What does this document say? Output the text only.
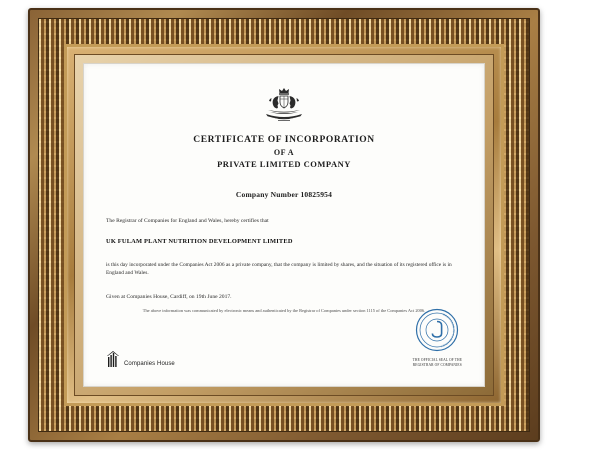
CERTIFICATE OF INCORPORATION
OF A
PRIVATE LIMITED COMPANY
Company Number 10825954
The Registrar of Companies for England and Wales, hereby certifies that
UK FULAM PLANT NUTRITION DEVELOPMENT LIMITED
is this day incorporated under the Companies Act 2006 as a private company, that the company is limited by shares, and the situation of its registered office is in England and Wales.
Given at Companies House, Cardiff, on 19th June 2017.
The above information was communicated by electronic means and authenticated by the Registrar of Companies under section 1115 of the Companies Act 2006.
Companies House
REGISTRAR OF COMPANIES
THE OFFICIAL SEAL OF THE
REGISTRAR OF COMPANIES
